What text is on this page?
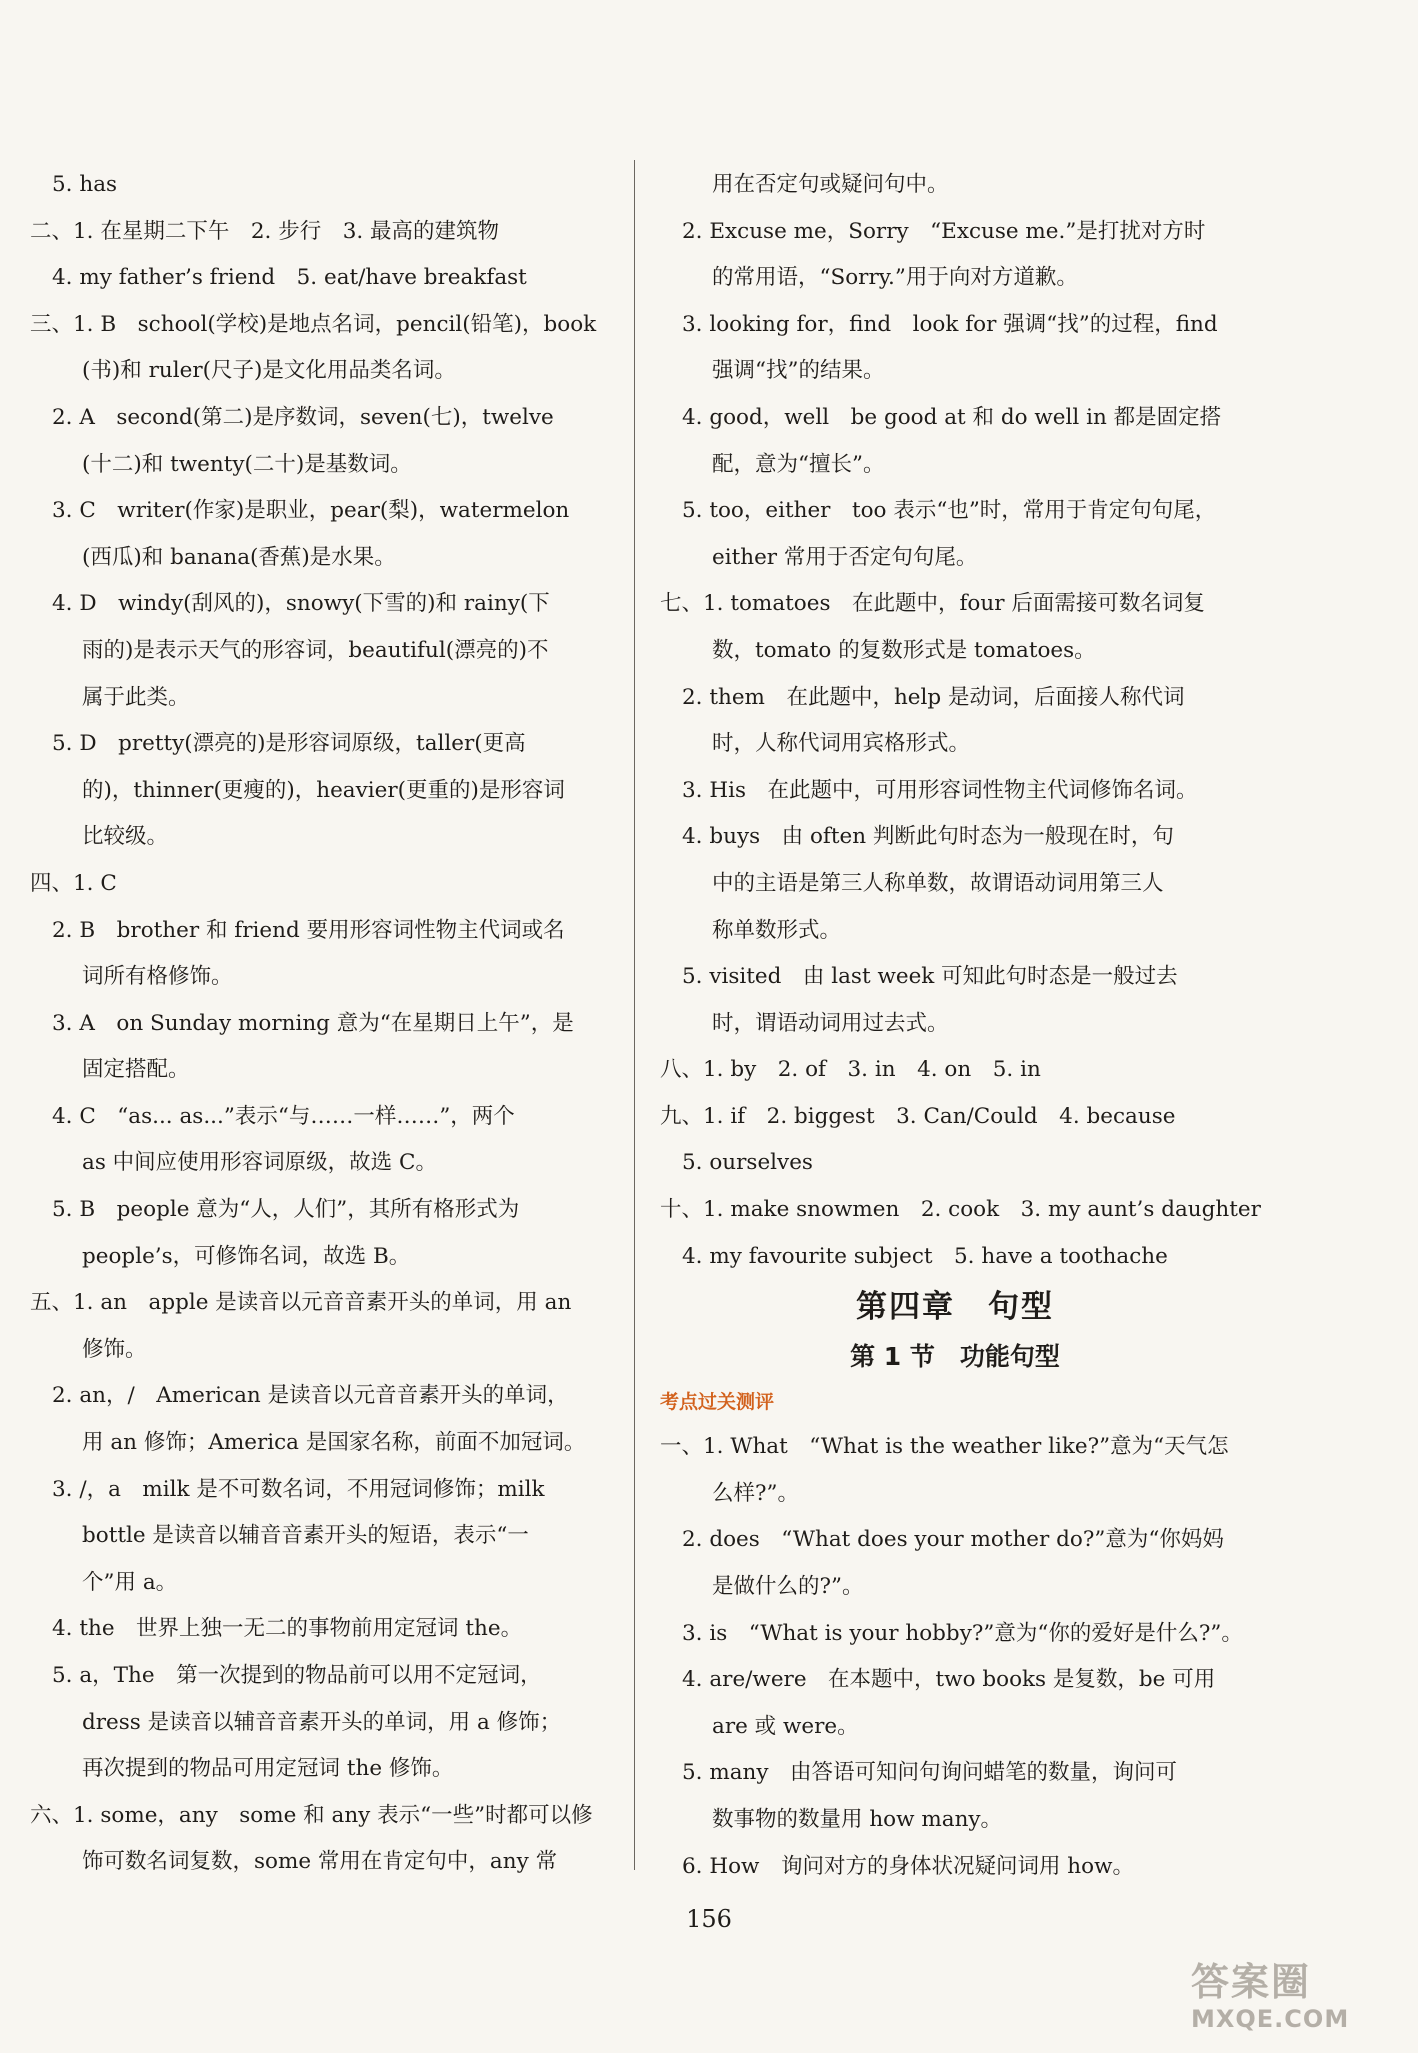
5. has
二、1. 在星期二下午　2. 步行　3. 最高的建筑物
4. my father’s friend　5. eat/have breakfast
三、1. B　school(学校)是地点名词，pencil(铅笔)，book
(书)和 ruler(尺子)是文化用品类名词。
2. A　second(第二)是序数词，seven(七)，twelve
(十二)和 twenty(二十)是基数词。
3. C　writer(作家)是职业，pear(梨)，watermelon
(西瓜)和 banana(香蕉)是水果。
4. D　windy(刮风的)，snowy(下雪的)和 rainy(下
雨的)是表示天气的形容词，beautiful(漂亮的)不
属于此类。
5. D　pretty(漂亮的)是形容词原级，taller(更高
的)，thinner(更瘦的)，heavier(更重的)是形容词
比较级。
四、1. C
2. B　brother 和 friend 要用形容词性物主代词或名
词所有格修饰。
3. A　on Sunday morning 意为“在星期日上午”，是
固定搭配。
4. C　“as... as...”表示“与……一样……”，两个
as 中间应使用形容词原级，故选 C。
5. B　people 意为“人，人们”，其所有格形式为
people’s，可修饰名词，故选 B。
五、1. an　apple 是读音以元音音素开头的单词，用 an
修饰。
2. an，/　American 是读音以元音音素开头的单词，
用 an 修饰；America 是国家名称，前面不加冠词。
3. /，a　milk 是不可数名词，不用冠词修饰；milk
bottle 是读音以辅音音素开头的短语，表示“一
个”用 a。
4. the　世界上独一无二的事物前用定冠词 the。
5. a，The　第一次提到的物品前可以用不定冠词，
dress 是读音以辅音音素开头的单词，用 a 修饰；
再次提到的物品可用定冠词 the 修饰。
六、1. some，any　some 和 any 表示“一些”时都可以修
饰可数名词复数，some 常用在肯定句中，any 常
用在否定句或疑问句中。
2. Excuse me，Sorry　“Excuse me.”是打扰对方时
的常用语，“Sorry.”用于向对方道歉。
3. looking for，find　look for 强调“找”的过程，find
强调“找”的结果。
4. good，well　be good at 和 do well in 都是固定搭
配，意为“擅长”。
5. too，either　too 表示“也”时，常用于肯定句句尾，
either 常用于否定句句尾。
七、1. tomatoes　在此题中，four 后面需接可数名词复
数，tomato 的复数形式是 tomatoes。
2. them　在此题中，help 是动词，后面接人称代词
时，人称代词用宾格形式。
3. His　在此题中，可用形容词性物主代词修饰名词。
4. buys　由 often 判断此句时态为一般现在时，句
中的主语是第三人称单数，故谓语动词用第三人
称单数形式。
5. visited　由 last week 可知此句时态是一般过去
时，谓语动词用过去式。
八、1. by　2. of　3. in　4. on　5. in
九、1. if　2. biggest　3. Can/Could　4. because
5. ourselves
十、1. make snowmen　2. cook　3. my aunt’s daughter
4. my favourite subject　5. have a toothache
第四章　句型
第 1 节　功能句型
考点过关测评
一、1. What　“What is the weather like?”意为“天气怎
么样?”。
2. does　“What does your mother do?”意为“你妈妈
是做什么的?”。
3. is　“What is your hobby?”意为“你的爱好是什么?”。
4. are/were　在本题中，two books 是复数，be 可用
are 或 were。
5. many　由答语可知问句询问蜡笔的数量，询问可
数事物的数量用 how many。
6. How　询问对方的身体状况疑问词用 how。
156
答案圈
MXQE.COM
